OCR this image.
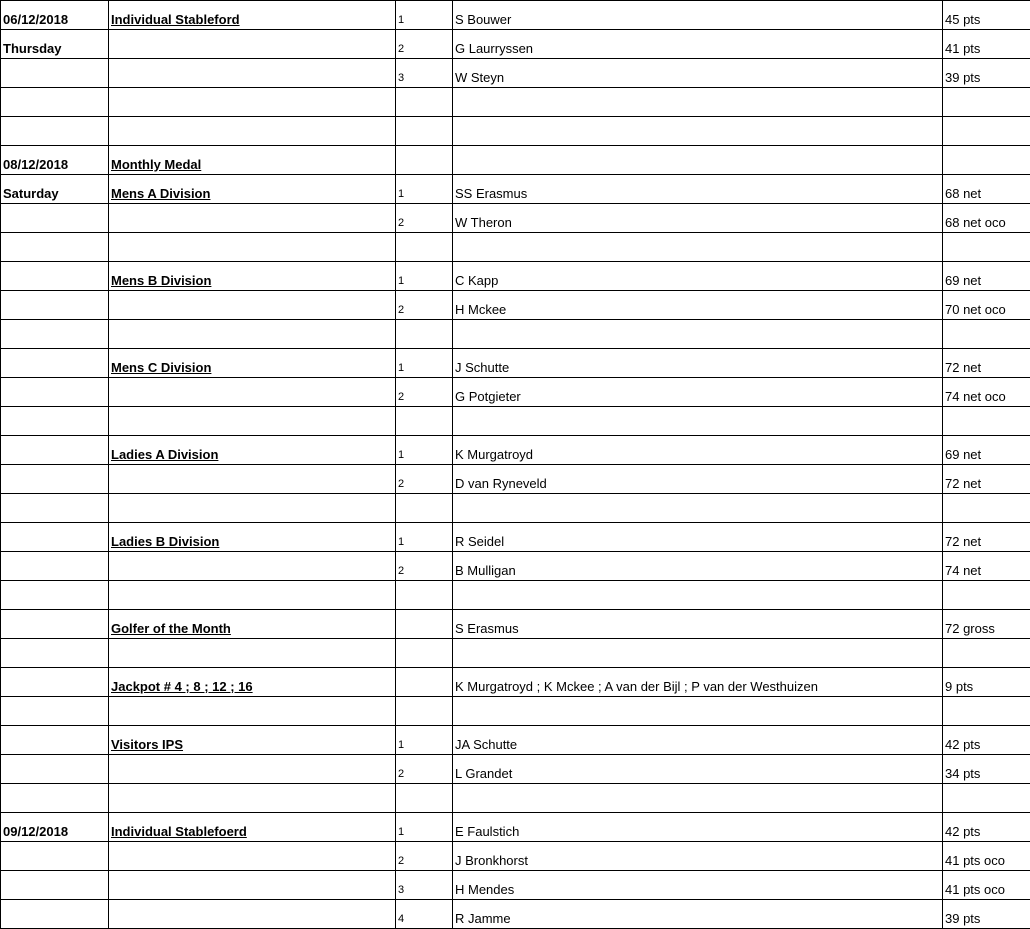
06/12/2018	Individual Stableford	1	S Bouwer	45 pts
Thursday		2	G Laurryssen	41 pts
		3	W Steyn	39 pts

08/12/2018	Monthly Medal			
Saturday	Mens A Division	1	SS Erasmus	68 net
		2	W Theron	68 net oco

	Mens B Division	1	C Kapp	69 net
		2	H Mckee	70 net oco

	Mens C Division	1	J Schutte	72 net
		2	G Potgieter	74 net oco

	Ladies A Division	1	K Murgatroyd	69 net
		2	D van Ryneveld	72 net

	Ladies B Division	1	R Seidel	72 net
		2	B Mulligan	74 net

	Golfer of the Month		S Erasmus	72 gross

	Jackpot # 4 ; 8 ; 12 ; 16		K Murgatroyd ; K Mckee ; A van der Bijl ; P van der Westhuizen	9 pts

	Visitors IPS	1	JA Schutte	42 pts
		2	L Grandet	34 pts

09/12/2018	Individual Stablefoerd	1	E Faulstich	42 pts
		2	J Bronkhorst	41 pts oco
		3	H Mendes	41 pts oco
		4	R Jamme	39 pts
